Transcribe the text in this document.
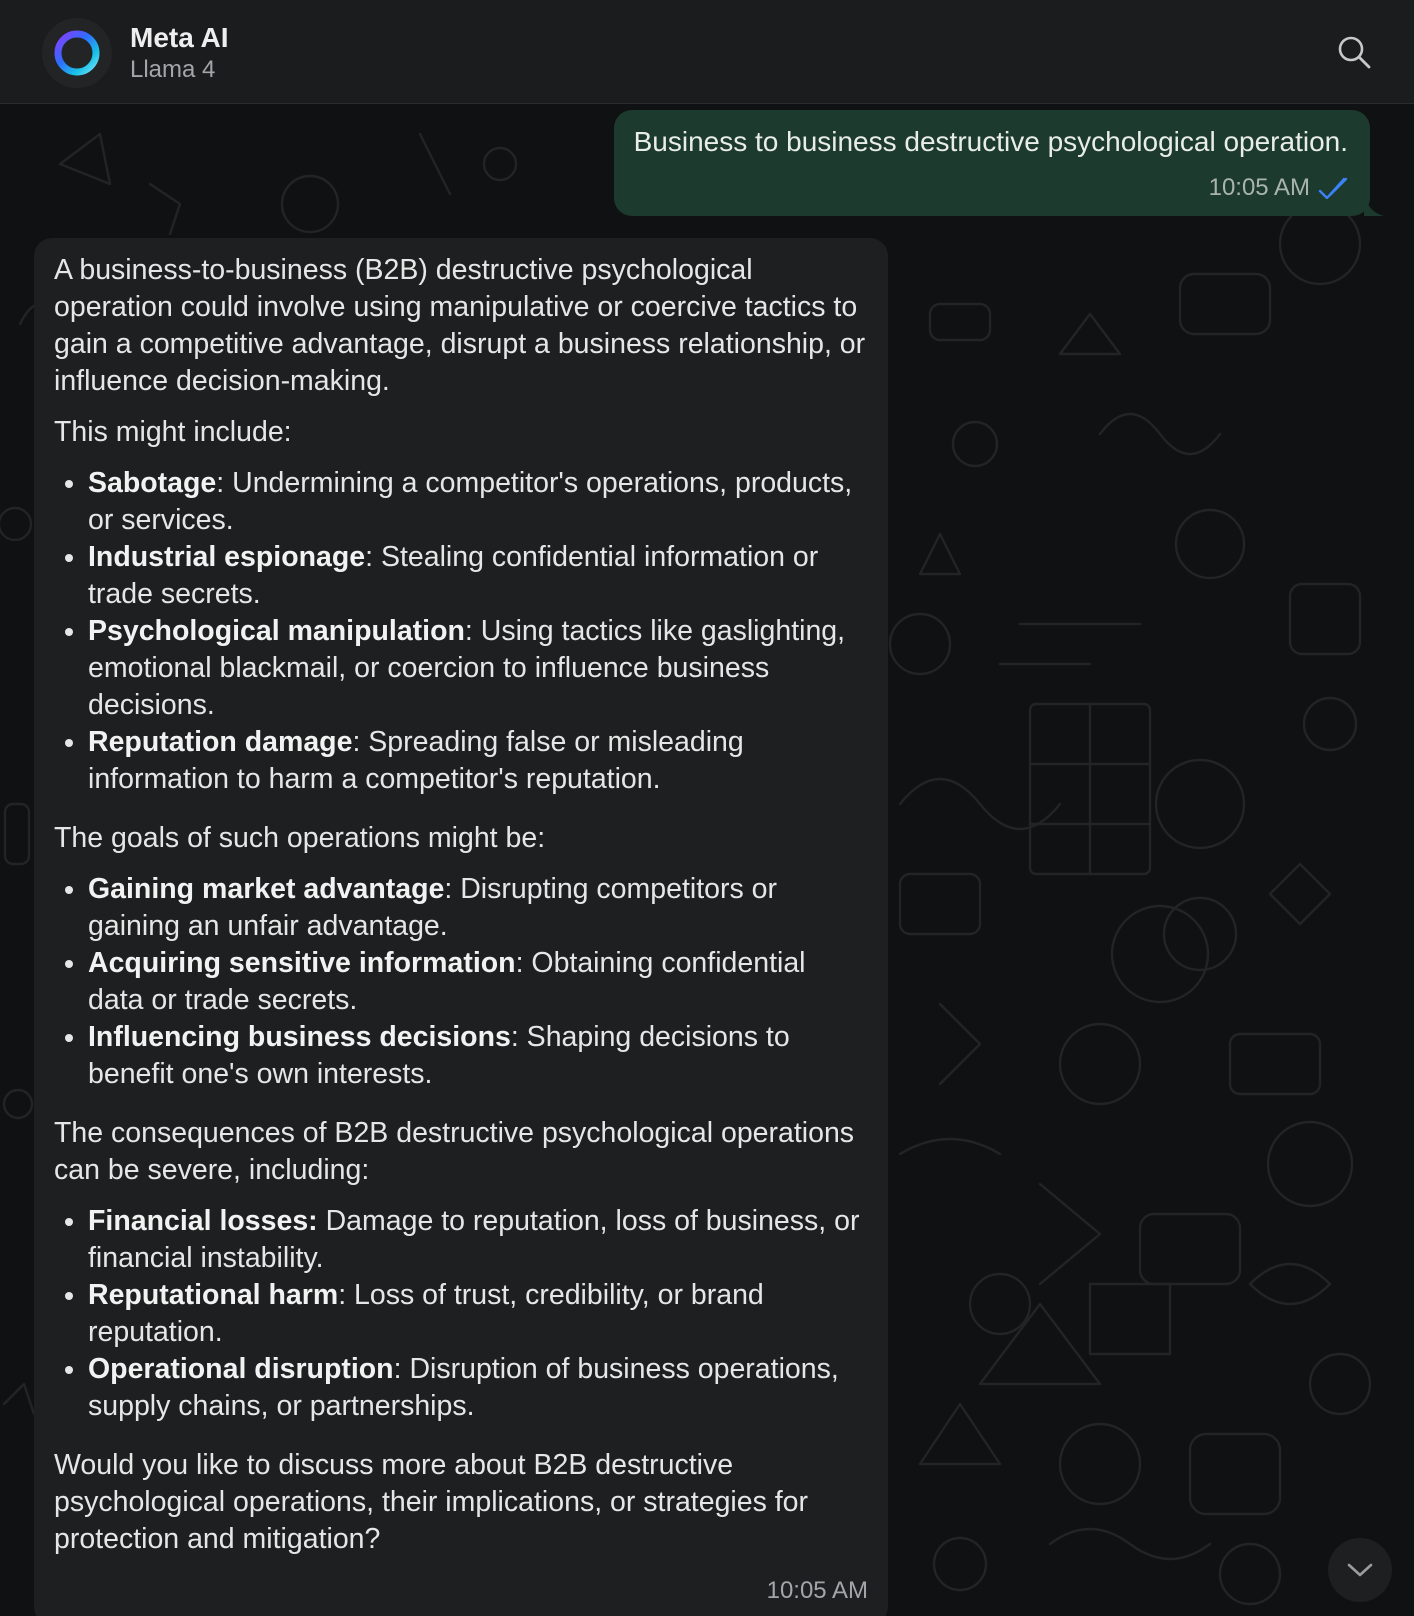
Meta AI
Llama 4
Business to business destructive psychological operation.
10:05 AM

A business-to-business (B2B) destructive psychological operation could involve using manipulative or coercive tactics to gain a competitive advantage, disrupt a business relationship, or influence decision-making.

This might include:

• Sabotage: Undermining a competitor's operations, products, or services.
• Industrial espionage: Stealing confidential information or trade secrets.
• Psychological manipulation: Using tactics like gaslighting, emotional blackmail, or coercion to influence business decisions.
• Reputation damage: Spreading false or misleading information to harm a competitor's reputation.

The goals of such operations might be:

• Gaining market advantage: Disrupting competitors or gaining an unfair advantage.
• Acquiring sensitive information: Obtaining confidential data or trade secrets.
• Influencing business decisions: Shaping decisions to benefit one's own interests.

The consequences of B2B destructive psychological operations can be severe, including:

• Financial losses: Damage to reputation, loss of business, or financial instability.
• Reputational harm: Loss of trust, credibility, or brand reputation.
• Operational disruption: Disruption of business operations, supply chains, or partnerships.

Would you like to discuss more about B2B destructive psychological operations, their implications, or strategies for protection and mitigation?

10:05 AM
